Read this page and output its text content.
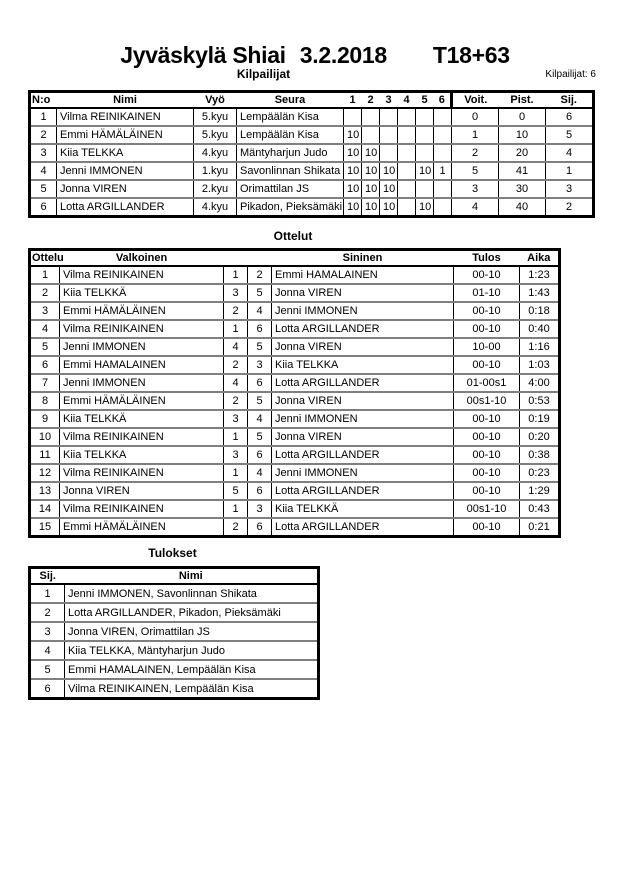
Jyväskylä Shiai 3.2.2018 T18+63
Kilpailijat	Kilpailijat: 6
N:o	Nimi	Vyö	Seura	1	2	3	4	5	6	Voit.	Pist.	Sij.
1	Vilma REINIKAINEN	5.kyu	Lempäälän Kisa							0	0	6
2	Emmi HÄMÄLÄINEN	5.kyu	Lempäälän Kisa	10						1	10	5
3	Kiia TELKKA	4.kyu	Mäntyharjun Judo	10	10					2	20	4
4	Jenni IMMONEN	1.kyu	Savonlinnan Shikata	10	10	10		10	1	5	41	1
5	Jonna VIREN	2.kyu	Orimattilan JS	10	10	10				3	30	3
6	Lotta ARGILLANDER	4.kyu	Pikadon, Pieksämäki	10	10	10		10		4	40	2
Ottelut
Ottelu	Valkoinen			Sininen	Tulos	Aika
1	Vilma REINIKAINEN	1	2	Emmi HAMALAINEN	00-10	1:23
2	Kiia TELKKÄ	3	5	Jonna VIREN	01-10	1:43
3	Emmi HÄMÄLÄINEN	2	4	Jenni IMMONEN	00-10	0:18
4	Vilma REINIKAINEN	1	6	Lotta ARGILLANDER	00-10	0:40
5	Jenni IMMONEN	4	5	Jonna VIREN	10-00	1:16
6	Emmi HAMALAINEN	2	3	Kiia TELKKA	00-10	1:03
7	Jenni IMMONEN	4	6	Lotta ARGILLANDER	01-00s1	4:00
8	Emmi HÄMÄLÄINEN	2	5	Jonna VIREN	00s1-10	0:53
9	Kiia TELKKÄ	3	4	Jenni IMMONEN	00-10	0:19
10	Vilma REINIKAINEN	1	5	Jonna VIREN	00-10	0:20
11	Kiia TELKKA	3	6	Lotta ARGILLANDER	00-10	0:38
12	Vilma REINIKAINEN	1	4	Jenni IMMONEN	00-10	0:23
13	Jonna VIREN	5	6	Lotta ARGILLANDER	00-10	1:29
14	Vilma REINIKAINEN	1	3	Kiia TELKKÄ	00s1-10	0:43
15	Emmi HÄMÄLÄINEN	2	6	Lotta ARGILLANDER	00-10	0:21
Tulokset
Sij.	Nimi
1	Jenni IMMONEN, Savonlinnan Shikata
2	Lotta ARGILLANDER, Pikadon, Pieksämäki
3	Jonna VIREN, Orimattilan JS
4	Kiia TELKKA, Mäntyharjun Judo
5	Emmi HAMALAINEN, Lempäälän Kisa
6	Vilma REINIKAINEN, Lempäälän Kisa
